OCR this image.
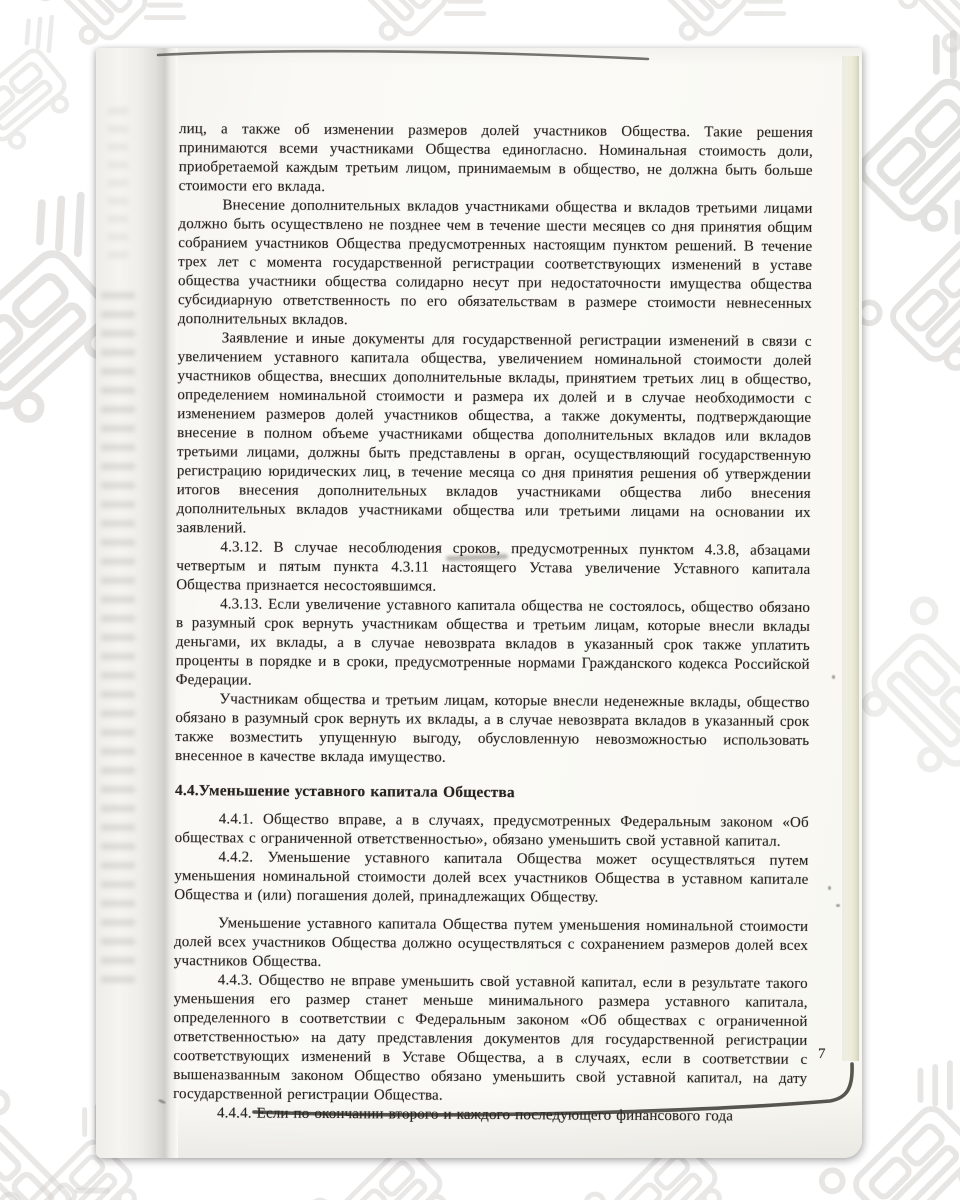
лиц, а также об изменении размеров долей участников Общества. Такие решения принимаются всеми участниками Общества единогласно. Номинальная стоимость доли, приобретаемой каждым третьим лицом, принимаемым в общество, не должна быть больше стоимости его вклада.
Внесение дополнительных вкладов участниками общества и вкладов третьими лицами должно быть осуществлено не позднее чем в течение шести месяцев со дня принятия общим собранием участников Общества предусмотренных настоящим пунктом решений. В течение трех лет с момента государственной регистрации соответствующих изменений в уставе общества участники общества солидарно несут при недостаточности имущества общества субсидиарную ответственность по его обязательствам в размере стоимости невнесенных дополнительных вкладов.
Заявление и иные документы для государственной регистрации изменений в связи с увеличением уставного капитала общества, увеличением номинальной стоимости долей участников общества, внесших дополнительные вклады, принятием третьих лиц в общество, определением номинальной стоимости и размера их долей и в случае необходимости с изменением размеров долей участников общества, а также документы, подтверждающие внесение в полном объеме участниками общества дополнительных вкладов или вкладов третьими лицами, должны быть представлены в орган, осуществляющий государственную регистрацию юридических лиц, в течение месяца со дня принятия решения об утверждении итогов внесения дополнительных вкладов участниками общества либо внесения дополнительных вкладов участниками общества или третьими лицами на основании их заявлений.
4.3.12. В случае несоблюдения сроков, предусмотренных пунктом 4.3.8, абзацами четвертым и пятым пункта 4.3.11 настоящего Устава увеличение Уставного капитала Общества признается несостоявшимся.
4.3.13. Если увеличение уставного капитала общества не состоялось, общество обязано в разумный срок вернуть участникам общества и третьим лицам, которые внесли вклады деньгами, их вклады, а в случае невозврата вкладов в указанный срок также уплатить проценты в порядке и в сроки, предусмотренные нормами Гражданского кодекса Российской Федерации.
Участникам общества и третьим лицам, которые внесли неденежные вклады, общество обязано в разумный срок вернуть их вклады, а в случае невозврата вкладов в указанный срок также возместить упущенную выгоду, обусловленную невозможностью использовать внесенное в качестве вклада имущество.
4.4.Уменьшение уставного капитала Общества
4.4.1. Общество вправе, а в случаях, предусмотренных Федеральным законом «Об обществах с ограниченной ответственностью», обязано уменьшить свой уставной капитал.
4.4.2. Уменьшение уставного капитала Общества может осуществляться путем уменьшения номинальной стоимости долей всех участников Общества в уставном капитале Общества и (или) погашения долей, принадлежащих Обществу.
Уменьшение уставного капитала Общества путем уменьшения номинальной стоимости долей всех участников Общества должно осуществляться с сохранением размеров долей всех участников Общества.
4.4.3. Общество не вправе уменьшить свой уставной капитал, если в результате такого уменьшения его размер станет меньше минимального размера уставного капитала, определенного в соответствии с Федеральным законом «Об обществах с ограниченной ответственностью» на дату представления документов для государственной регистрации соответствующих изменений в Уставе Общества, а в случаях, если в соответствии с вышеназванным законом Общество обязано уменьшить свой уставной капитал, на дату государственной регистрации Общества.
4.4.4. Если по окончании второго и каждого последующего финансового года
7
